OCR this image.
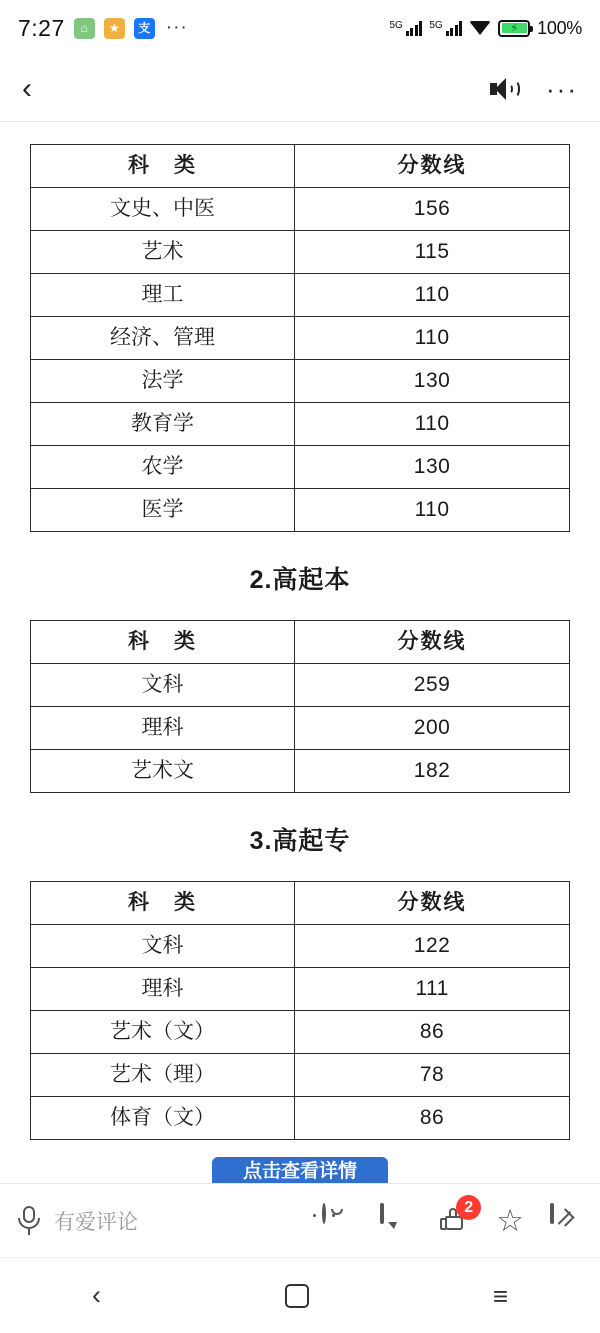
7:27	⌂	★	支 ···	5G	5G	⚡ 100%
‹	···
科　类	分数线
文史、中医	156
艺术	115
理工	110
经济、管理	110
法学	130
教育学	110
农学	130
医学	110
2.高起本
科　类	分数线
文科	259
理科	200
艺术文	182
3.高起专
科　类	分数线
文科	122
理科	111
艺术（文）	86
艺术（理）	78
体育（文）	86
点击查看详情
有爱评论
2 ☆
‹	≡
